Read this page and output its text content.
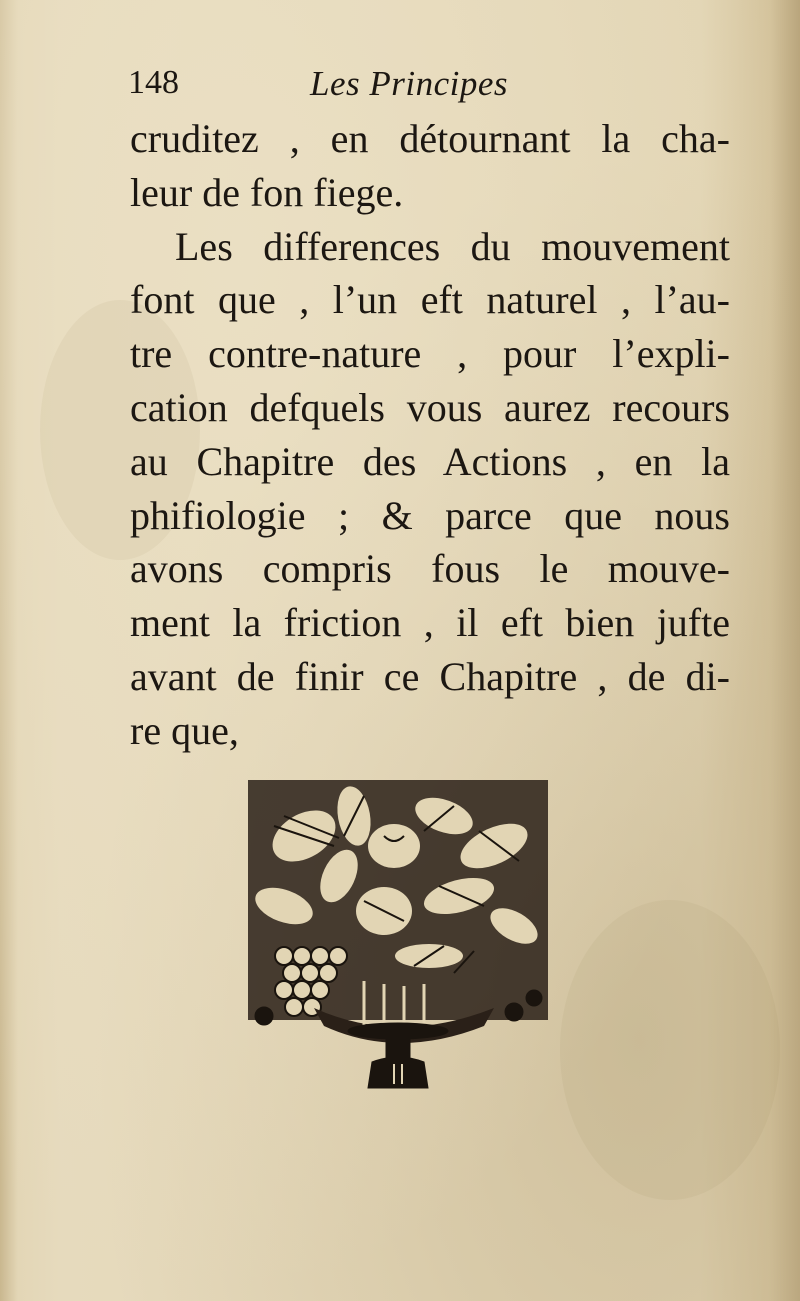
148	Les Principes
cruditez , en détournant la cha-
leur de fon fiege.
Les differences du mouvement
font que , l’un eft naturel , l’au-
tre contre-nature , pour l’expli-
cation defquels vous aurez recours
au Chapitre des Actions , en la
phifiologie ; & parce que nous
avons compris fous le mouve-
ment la friction , il eft bien jufte
avant de finir ce Chapitre , de di-
re que,
